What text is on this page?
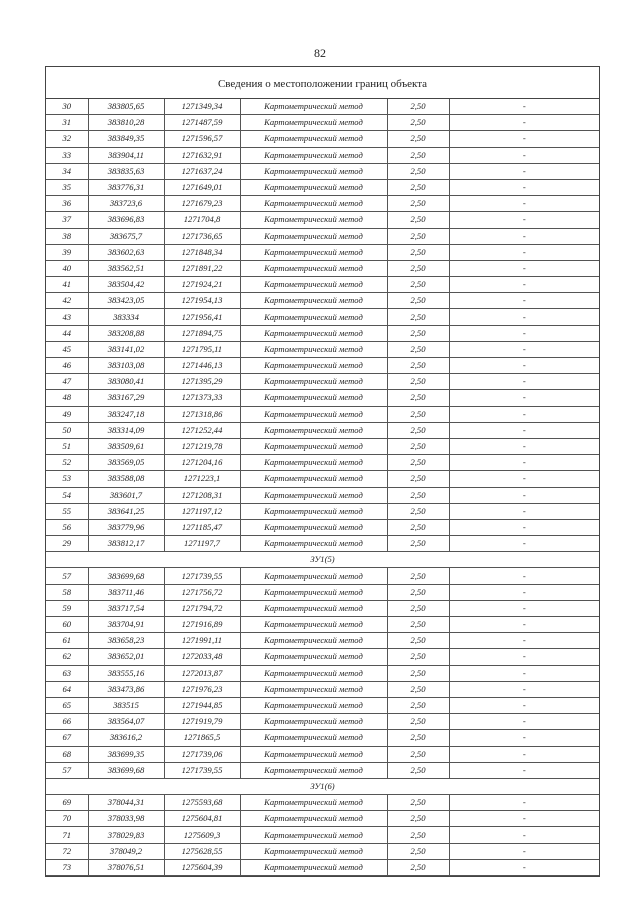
82
Сведения о местоположении границ объекта
30	383805,65	1271349,34	Картометрический метод	2,50	-
31	383810,28	1271487,59	Картометрический метод	2,50	-
32	383849,35	1271596,57	Картометрический метод	2,50	-
33	383904,11	1271632,91	Картометрический метод	2,50	-
34	383835,63	1271637,24	Картометрический метод	2,50	-
35	383776,31	1271649,01	Картометрический метод	2,50	-
36	383723,6	1271679,23	Картометрический метод	2,50	-
37	383696,83	1271704,8	Картометрический метод	2,50	-
38	383675,7	1271736,65	Картометрический метод	2,50	-
39	383602,63	1271848,34	Картометрический метод	2,50	-
40	383562,51	1271891,22	Картометрический метод	2,50	-
41	383504,42	1271924,21	Картометрический метод	2,50	-
42	383423,05	1271954,13	Картометрический метод	2,50	-
43	383334	1271956,41	Картометрический метод	2,50	-
44	383208,88	1271894,75	Картометрический метод	2,50	-
45	383141,02	1271795,11	Картометрический метод	2,50	-
46	383103,08	1271446,13	Картометрический метод	2,50	-
47	383080,41	1271395,29	Картометрический метод	2,50	-
48	383167,29	1271373,33	Картометрический метод	2,50	-
49	383247,18	1271318,86	Картометрический метод	2,50	-
50	383314,09	1271252,44	Картометрический метод	2,50	-
51	383509,61	1271219,78	Картометрический метод	2,50	-
52	383569,05	1271204,16	Картометрический метод	2,50	-
53	383588,08	1271223,1	Картометрический метод	2,50	-
54	383601,7	1271208,31	Картометрический метод	2,50	-
55	383641,25	1271197,12	Картометрический метод	2,50	-
56	383779,96	1271185,47	Картометрический метод	2,50	-
29	383812,17	1271197,7	Картометрический метод	2,50	-
ЗУ1(5)					
57	383699,68	1271739,55	Картометрический метод	2,50	-
58	383711,46	1271756,72	Картометрический метод	2,50	-
59	383717,54	1271794,72	Картометрический метод	2,50	-
60	383704,91	1271916,89	Картометрический метод	2,50	-
61	383658,23	1271991,11	Картометрический метод	2,50	-
62	383652,01	1272033,48	Картометрический метод	2,50	-
63	383555,16	1272013,87	Картометрический метод	2,50	-
64	383473,86	1271976,23	Картометрический метод	2,50	-
65	383515	1271944,85	Картометрический метод	2,50	-
66	383564,07	1271919,79	Картометрический метод	2,50	-
67	383616,2	1271865,5	Картометрический метод	2,50	-
68	383699,35	1271739,06	Картометрический метод	2,50	-
57	383699,68	1271739,55	Картометрический метод	2,50	-
ЗУ1(6)					
69	378044,31	1275593,68	Картометрический метод	2,50	-
70	378033,98	1275604,81	Картометрический метод	2,50	-
71	378029,83	1275609,3	Картометрический метод	2,50	-
72	378049,2	1275628,55	Картометрический метод	2,50	-
73	378076,51	1275604,39	Картометрический метод	2,50	-
